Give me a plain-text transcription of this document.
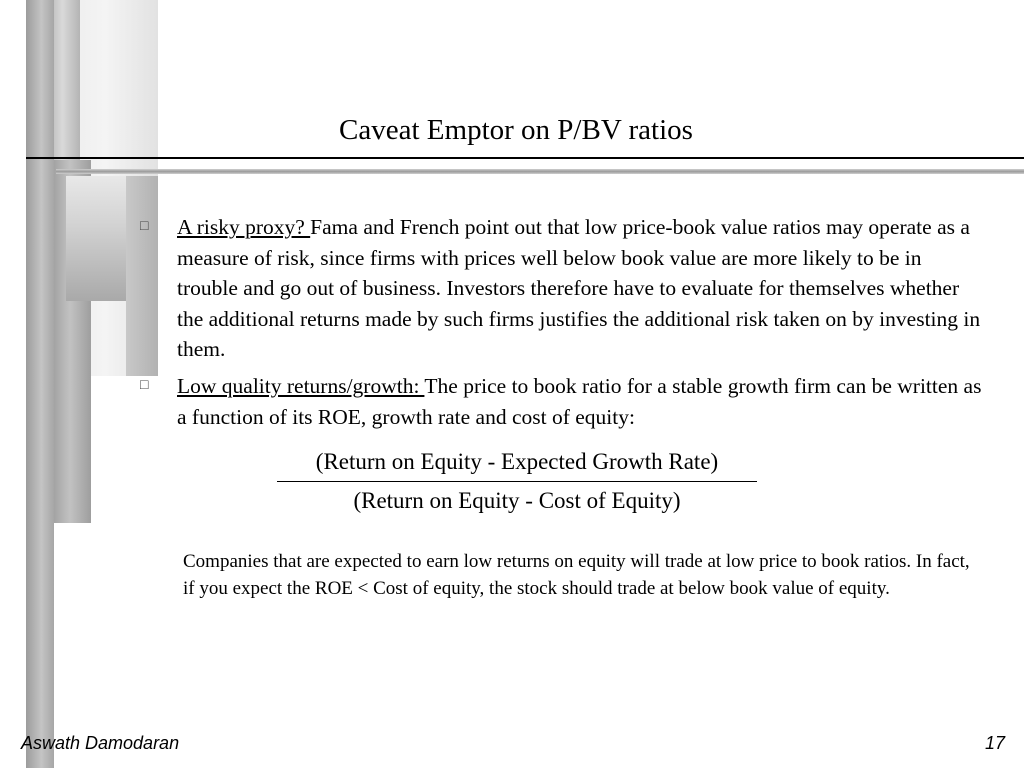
Caveat Emptor on P/BV ratios
□ A risky proxy? Fama and French point out that low price-book value ratios may operate as a measure of risk, since firms with prices well below book value are more likely to be in trouble and go out of business. Investors therefore have to evaluate for themselves whether the additional returns made by such firms justifies the additional risk taken on by investing in them.
□ Low quality returns/growth: The price to book ratio for a stable growth firm can be written as a function of its ROE, growth rate and cost of equity:
(Return on Equity - Expected Growth Rate)
(Return on Equity - Cost of Equity)
Companies that are expected to earn low returns on equity will trade at low price to book ratios. In fact, if you expect the ROE < Cost of equity, the stock should trade at below book value of equity.
Aswath Damodaran	17
